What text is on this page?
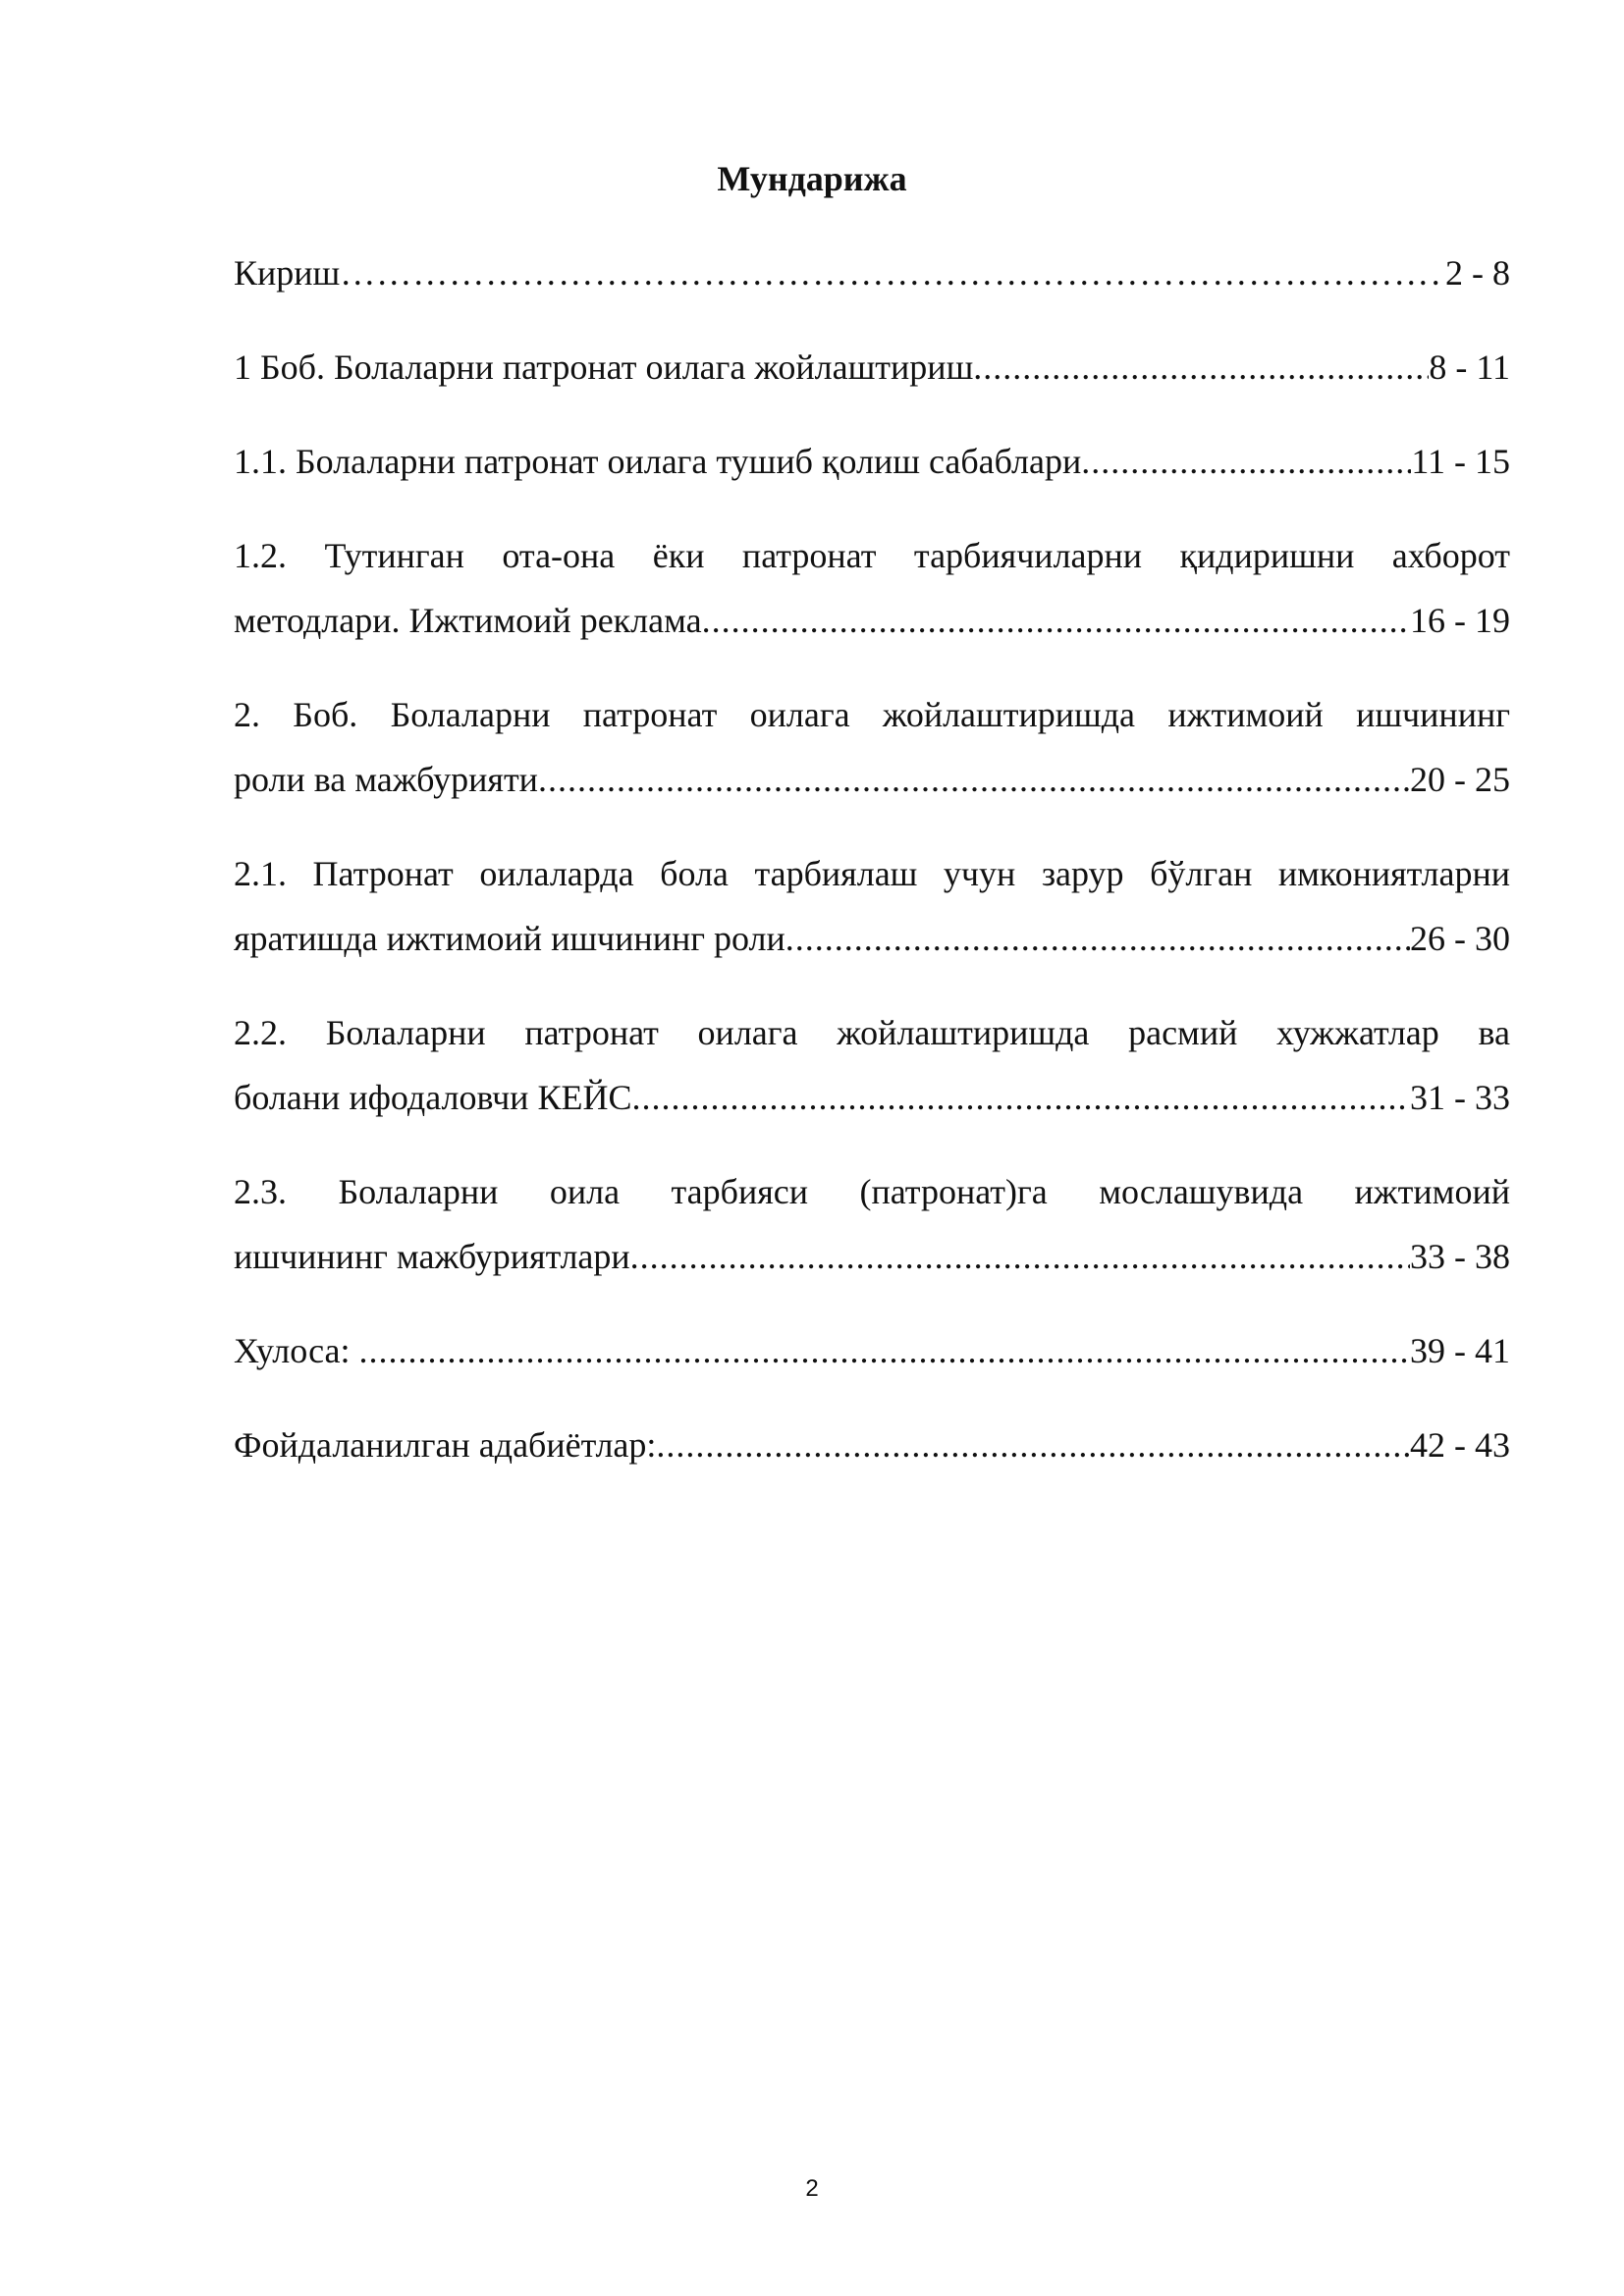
Мундарижа
Кириш ……………………………………………………………………………………………………………………………………………………………………………………	2 - 8
1 Боб. Болаларни патронат оилага жойлаштириш .....	8 - 11
1.1. Болаларни патронат оилага тушиб қолиш сабаблари .....	11 - 15
1.2. Тутинган ота-она ёки патронат тарбиячиларни қидиришни ахборот
методлари. Ижтимоий реклама .....	16 - 19
2. Боб. Болаларни патронат оилага жойлаштиришда ижтимоий ишчининг
роли ва мажбурияти .....	20 - 25
2.1. Патронат оилаларда бола тарбиялаш учун зарур бўлган имкониятларни
яратишда ижтимоий ишчининг роли .....	26 - 30
2.2. Болаларни патронат оилага жойлаштиришда расмий хужжатлар ва
болани ифодаловчи КЕЙС .....	31 - 33
2.3. Болаларни оила тарбияси (патронат)га мослашувида ижтимоий
ишчининг мажбуриятлари .....	33 - 38
Хулоса: .....	39 - 41
Фойдаланилган адабиётлар: .....	42 - 43
2
